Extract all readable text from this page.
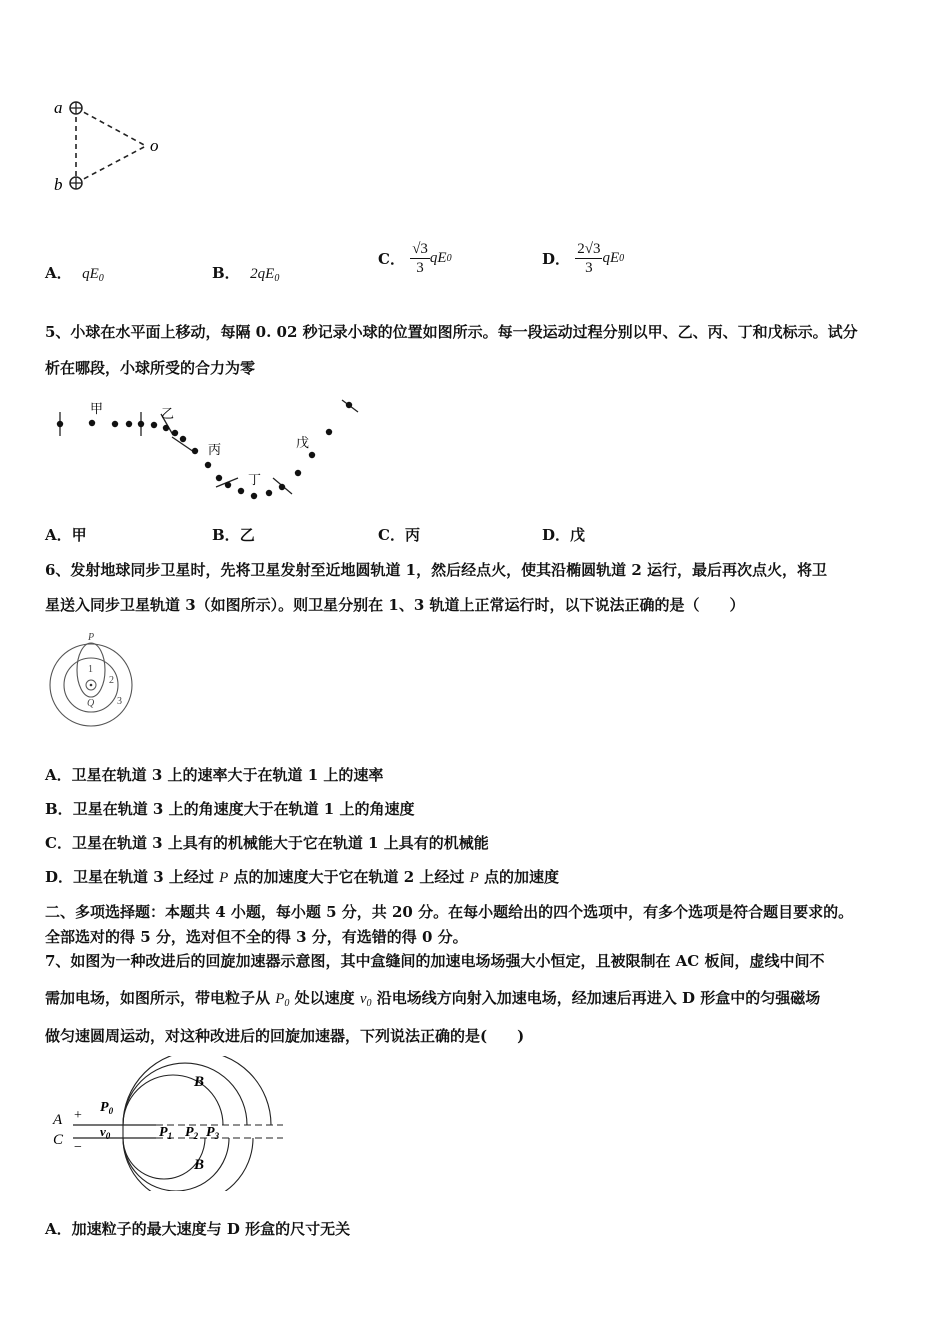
a
b
o
A． $qE_0$	B． $2qE_0$
C． $\frac{√3}{3} qE0$	D． $\frac{2√3}{3} qE0$
5、小球在水平面上移动，每隔 0. 02 秒记录小球的位置如图所示。每一段运动过程分别以甲、乙、丙、丁和戊标示。试分
析在哪段，小球所受的合力为零
甲	乙
丙
丁
戊
A．甲	B．乙	C．丙	D．戊
6、发射地球同步卫星时，先将卫星发射至近地圆轨道 1，然后经点火，使其沿椭圆轨道 2 运行，最后再次点火，将卫
星送入同步卫星轨道 3（如图所示）。则卫星分别在 1、3 轨道上正常运行时，以下说法正确的是（　　）
P
1
2
3
Q
A．卫星在轨道 3 上的速率大于在轨道 1 上的速率
B．卫星在轨道 3 上的角速度大于在轨道 1 上的角速度
C．卫星在轨道 3 上具有的机械能大于它在轨道 1 上具有的机械能
D．卫星在轨道 3 上经过 P 点的加速度大于它在轨道 2 上经过 P 点的加速度
二、多项选择题：本题共 4 小题，每小题 5 分，共 20 分。在每小题给出的四个选项中，有多个选项是符合题目要求的。
全部选对的得 5 分，选对但不全的得 3 分，有选错的得 0 分。
7、如图为一种改进后的回旋加速器示意图，其中盒缝间的加速电场场强大小恒定，且被限制在 AC 板间，虚线中间不
需加电场，如图所示，带电粒子从 $P_0$ 处以速度 $v_0$ 沿电场线方向射入加速电场，经加速后再进入 D 形盒中的匀强磁场
做匀速圆周运动，对这种改进后的回旋加速器，下列说法正确的是(　　)
A
C
+
−
$P_0$
$v_0$	$P_1$ $P_2$ $P_3$
B
B
A．加速粒子的最大速度与 D 形盒的尺寸无关
